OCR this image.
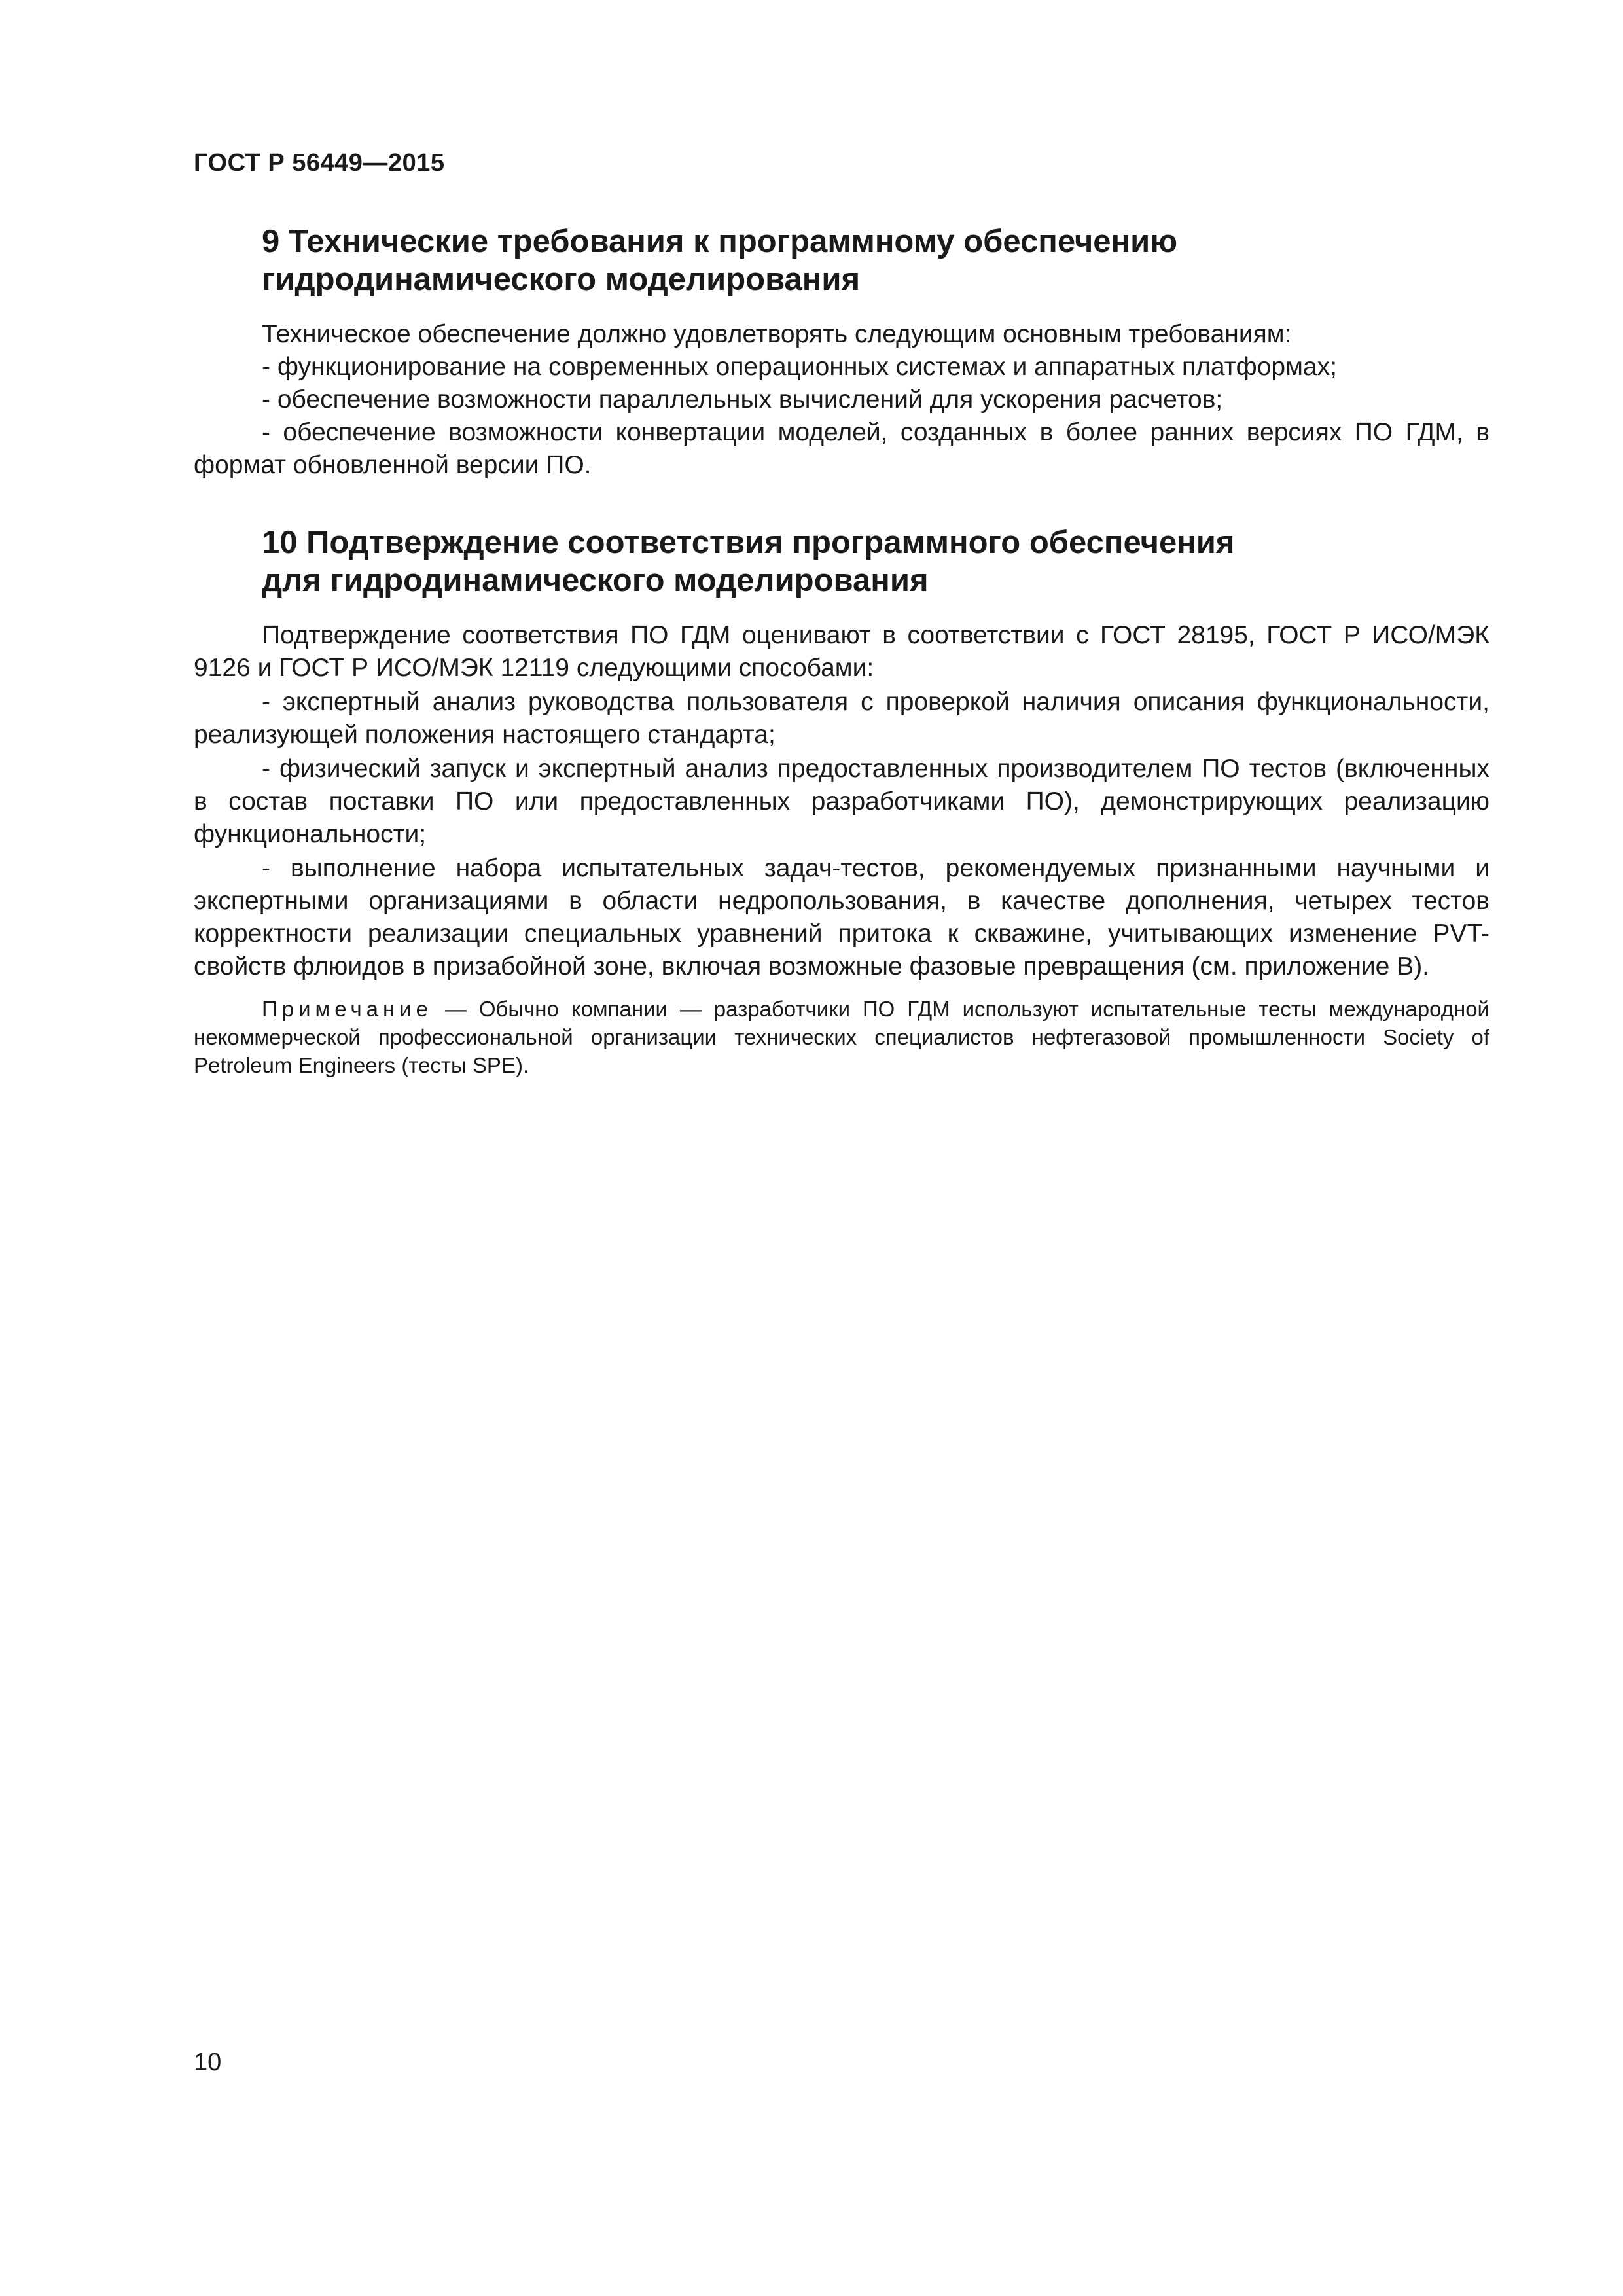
ГОСТ Р 56449—2015

9 Технические требования к программному обеспечению
гидродинамического моделирования

Техническое обеспечение должно удовлетворять следующим основным требованиям:

- функционирование на современных операционных системах и аппаратных платформах;

- обеспечение возможности параллельных вычислений для ускорения расчетов;

- обеспечение возможности конвертации моделей, созданных в более ранних версиях ПО ГДМ, в формат обновленной версии ПО.

10 Подтверждение соответствия программного обеспечения
для гидродинамического моделирования

Подтверждение соответствия ПО ГДМ оценивают в соответствии с ГОСТ 28195, ГОСТ Р ИСО/МЭК 9126 и ГОСТ Р ИСО/МЭК 12119 следующими способами:

- экспертный анализ руководства пользователя с проверкой наличия описания функциональности, реализующей положения настоящего стандарта;

- физический запуск и экспертный анализ предоставленных производителем ПО тестов (включенных в состав поставки ПО или предоставленных разработчиками ПО), демонстрирующих реализацию функциональности;

- выполнение набора испытательных задач-тестов, рекомендуемых признанными научными и экспертными организациями в области недропользования, в качестве дополнения, четырех тестов корректности реализации специальных уравнений притока к скважине, учитывающих изменение PVT-свойств флюидов в призабойной зоне, включая возможные фазовые превращения (см. приложение В).

Примечание — Обычно компании — разработчики ПО ГДМ используют испытательные тесты международной некоммерческой профессиональной организации технических специалистов нефтегазовой промышленности Society of Petroleum Engineers (тесты SPE).

10
